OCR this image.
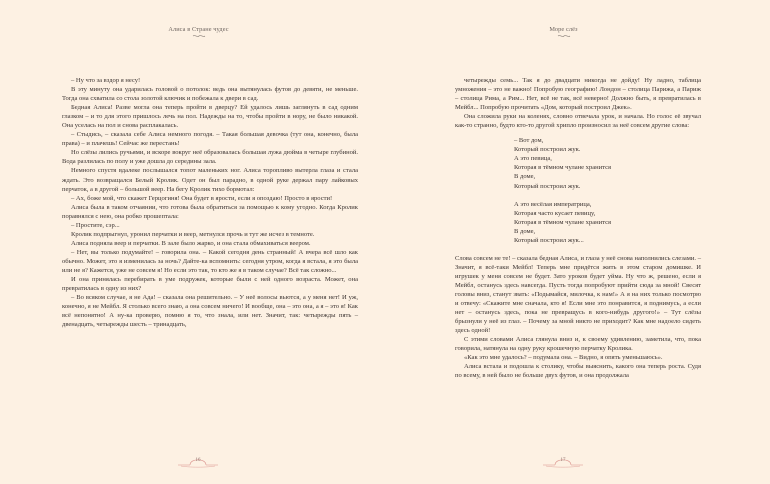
Алиса в Стране чудес

– Ну что за вздор я несу!

В эту минуту она ударилась головой о потолок: ведь она вытянулась футов до девяти, не меньше. Тогда она схватила со стола золотой ключик и побежала к двери в сад.

Бедная Алиса! Разве могла она теперь пройти в дверцу? Ей удалось лишь заглянуть в сад одним глазком – и то для этого пришлось лечь на пол. Надежды на то, чтобы пройти в нору, не было никакой. Она уселась на пол и снова расплакалась.

– Стыдись, – сказала себе Алиса немного погодя. – Такая большая девочка (тут она, конечно, была права) – и плачешь! Сейчас же перестань!

Но слёзы лились ручьями, и вскоре вокруг неё образовалась большая лужа дюйма в четыре глубиной. Вода разлилась по полу и уже дошла до середины зала.

Немного спустя вдалеке послышался топот маленьких ног. Алиса торопливо вытерла глаза и стала ждать. Это возвращался Белый Кролик. Одет он был парадно, в одной руке держал пару лайковых перчаток, а в другой – большой веер. На бегу Кролик тихо бормотал:

– Ах, боже мой, что скажет Герцогиня! Она будет в ярости, если я опоздаю! Просто в ярости!

Алиса была в таком отчаянии, что готова была обратиться за помощью к кому угодно. Когда Кролик поравнялся с нею, она робко прошептала:

– Простите, сэр...

Кролик подпрыгнул, уронил перчатки и веер, метнулся прочь и тут же исчез в темноте.

Алиса подняла веер и перчатки. В зале было жарко, и она стала обмахиваться веером.

– Нет, вы только подумайте! – говорила она. – Какой сегодня день странный! А вчера всё шло как обычно. Может, это я изменилась за ночь? Дайте-ка вспомнить: сегодня утром, когда я встала, я это была или не я? Кажется, уже не совсем я! Но если это так, то кто же я в таком случае? Всё так сложно...

И она принялась перебирать в уме подружек, которые были с ней одного возраста. Может, она превратилась в одну из них?

– Во всяком случае, я не Ада! – сказала она решительно. – У неё волосы вьются, а у меня нет! И уж, конечно, я не Мейбл. Я столько всего знаю, а она совсем ничего! И вообще, она – это она, а я – это я! Как всё непонятно! А ну-ка проверю, помню я то, что знала, или нет. Значит, так: четырежды пять – двенадцать, четырежды шесть – тринадцать,

16
Море слёз

четырежды семь... Так я до двадцати никогда не дойду! Ну ладно, таблица умножения – это не важно! Попробую географию! Лондон – столица Парижа, а Париж – столица Рима, а Рим... Нет, всё не так, всё неверно! Должно быть, я превратилась в Мейбл... Попробую прочитать «Дом, который построил Джек».

Она сложила руки на коленях, словно отвечала урок, и начала. Но голос её звучал как-то странно, будто кто-то другой хрипло произносил за неё совсем другие слова:

– Вот дом,
Который построил жук.
А это певица,
Которая в тёмном чулане хранится
В доме,
Который построил жук.
А это весёлая императрица,
Которая часто кусает певицу,
Которая в тёмном чулане хранится
В доме,
Который построил жук...

Слова совсем не те! – сказала бедная Алиса, и глаза у неё снова наполнились слезами. – Значит, я всё-таки Мейбл! Теперь мне придётся жить в этом старом домишке. И игрушек у меня совсем не будет. Зато уроков будет уйма. Ну что ж, решено, если я Мейбл, останусь здесь навсегда. Пусть тогда попробуют прийти сюда за мной! Свесят головы вниз, станут звать: «Подымайся, милочка, к нам!» А я на них только посмотрю и отвечу: «Скажите мне сначала, кто я! Если мне это понравится, я поднимусь, а если нет – останусь здесь, пока не превращусь в кого-нибудь другого!» – Тут слёзы брызнули у неё из глаз. – Почему за мной никто не приходит? Как мне надоело сидеть здесь одной!

С этими словами Алиса глянула вниз и, к своему удивлению, заметила, что, пока говорила, натянула на одну руку крошечную перчатку Кролика.

«Как это мне удалось? – подумала она. – Видно, я опять уменьшаюсь».

Алиса встала и подошла к столику, чтобы выяснить, какого она теперь роста. Судя по всему, в ней было не больше двух футов, и она продолжала

17
